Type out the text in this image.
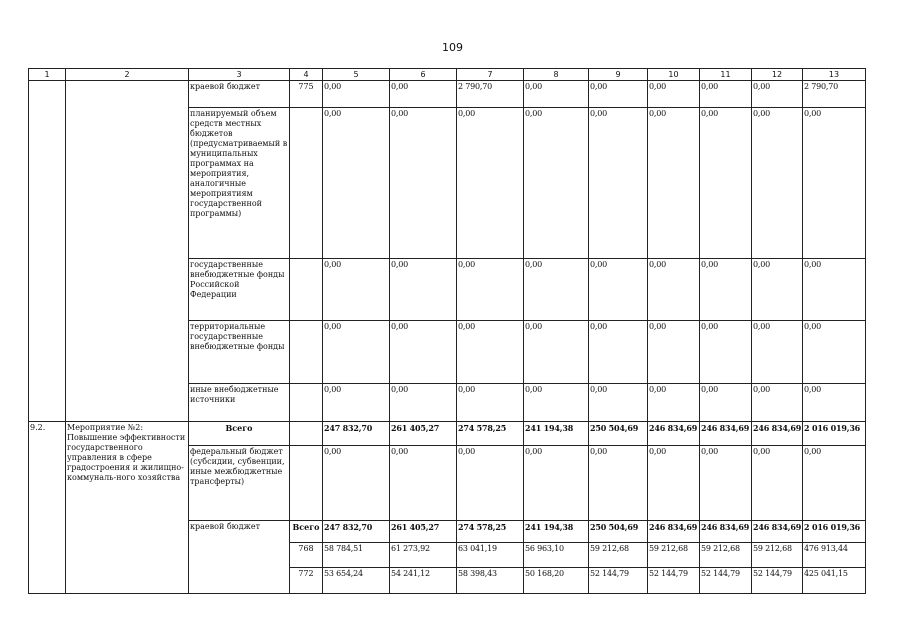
109
1	2	3	4	5	6	7	8	9	10	11	12	13
		краевой бюджет	775	0,00	0,00	2 790,70	0,00	0,00	0,00	0,00	0,00	2 790,70
		планируемый объем средств местных бюджетов (предусматриваемый в муниципальных программах на мероприятия, аналогичные мероприятиям государственной программы)		0,00	0,00	0,00	0,00	0,00	0,00	0,00	0,00	0,00
		государственные внебюджетные фонды Российской Федерации		0,00	0,00	0,00	0,00	0,00	0,00	0,00	0,00	0,00
		территориальные государственные внебюджетные фонды		0,00	0,00	0,00	0,00	0,00	0,00	0,00	0,00	0,00
		иные внебюджетные источники		0,00	0,00	0,00	0,00	0,00	0,00	0,00	0,00	0,00
9.2.	Мероприятие №2: Повышение эффективности государственного управления в сфере градостроения и жилищно-коммуналь-ного хозяйства	Всего		247 832,70	261 405,27	274 578,25	241 194,38	250 504,69	246 834,69	246 834,69	246 834,69	2 016 019,36
		федеральный бюджет (субсидии, субвенции, иные межбюджетные трансферты)		0,00	0,00	0,00	0,00	0,00	0,00	0,00	0,00	0,00
		краевой бюджет	Всего	247 832,70	261 405,27	274 578,25	241 194,38	250 504,69	246 834,69	246 834,69	246 834,69	2 016 019,36
			768	58 784,51	61 273,92	63 041,19	56 963,10	59 212,68	59 212,68	59 212,68	59 212,68	476 913,44
			772	53 654,24	54 241,12	58 398,43	50 168,20	52 144,79	52 144,79	52 144,79	52 144,79	425 041,15
